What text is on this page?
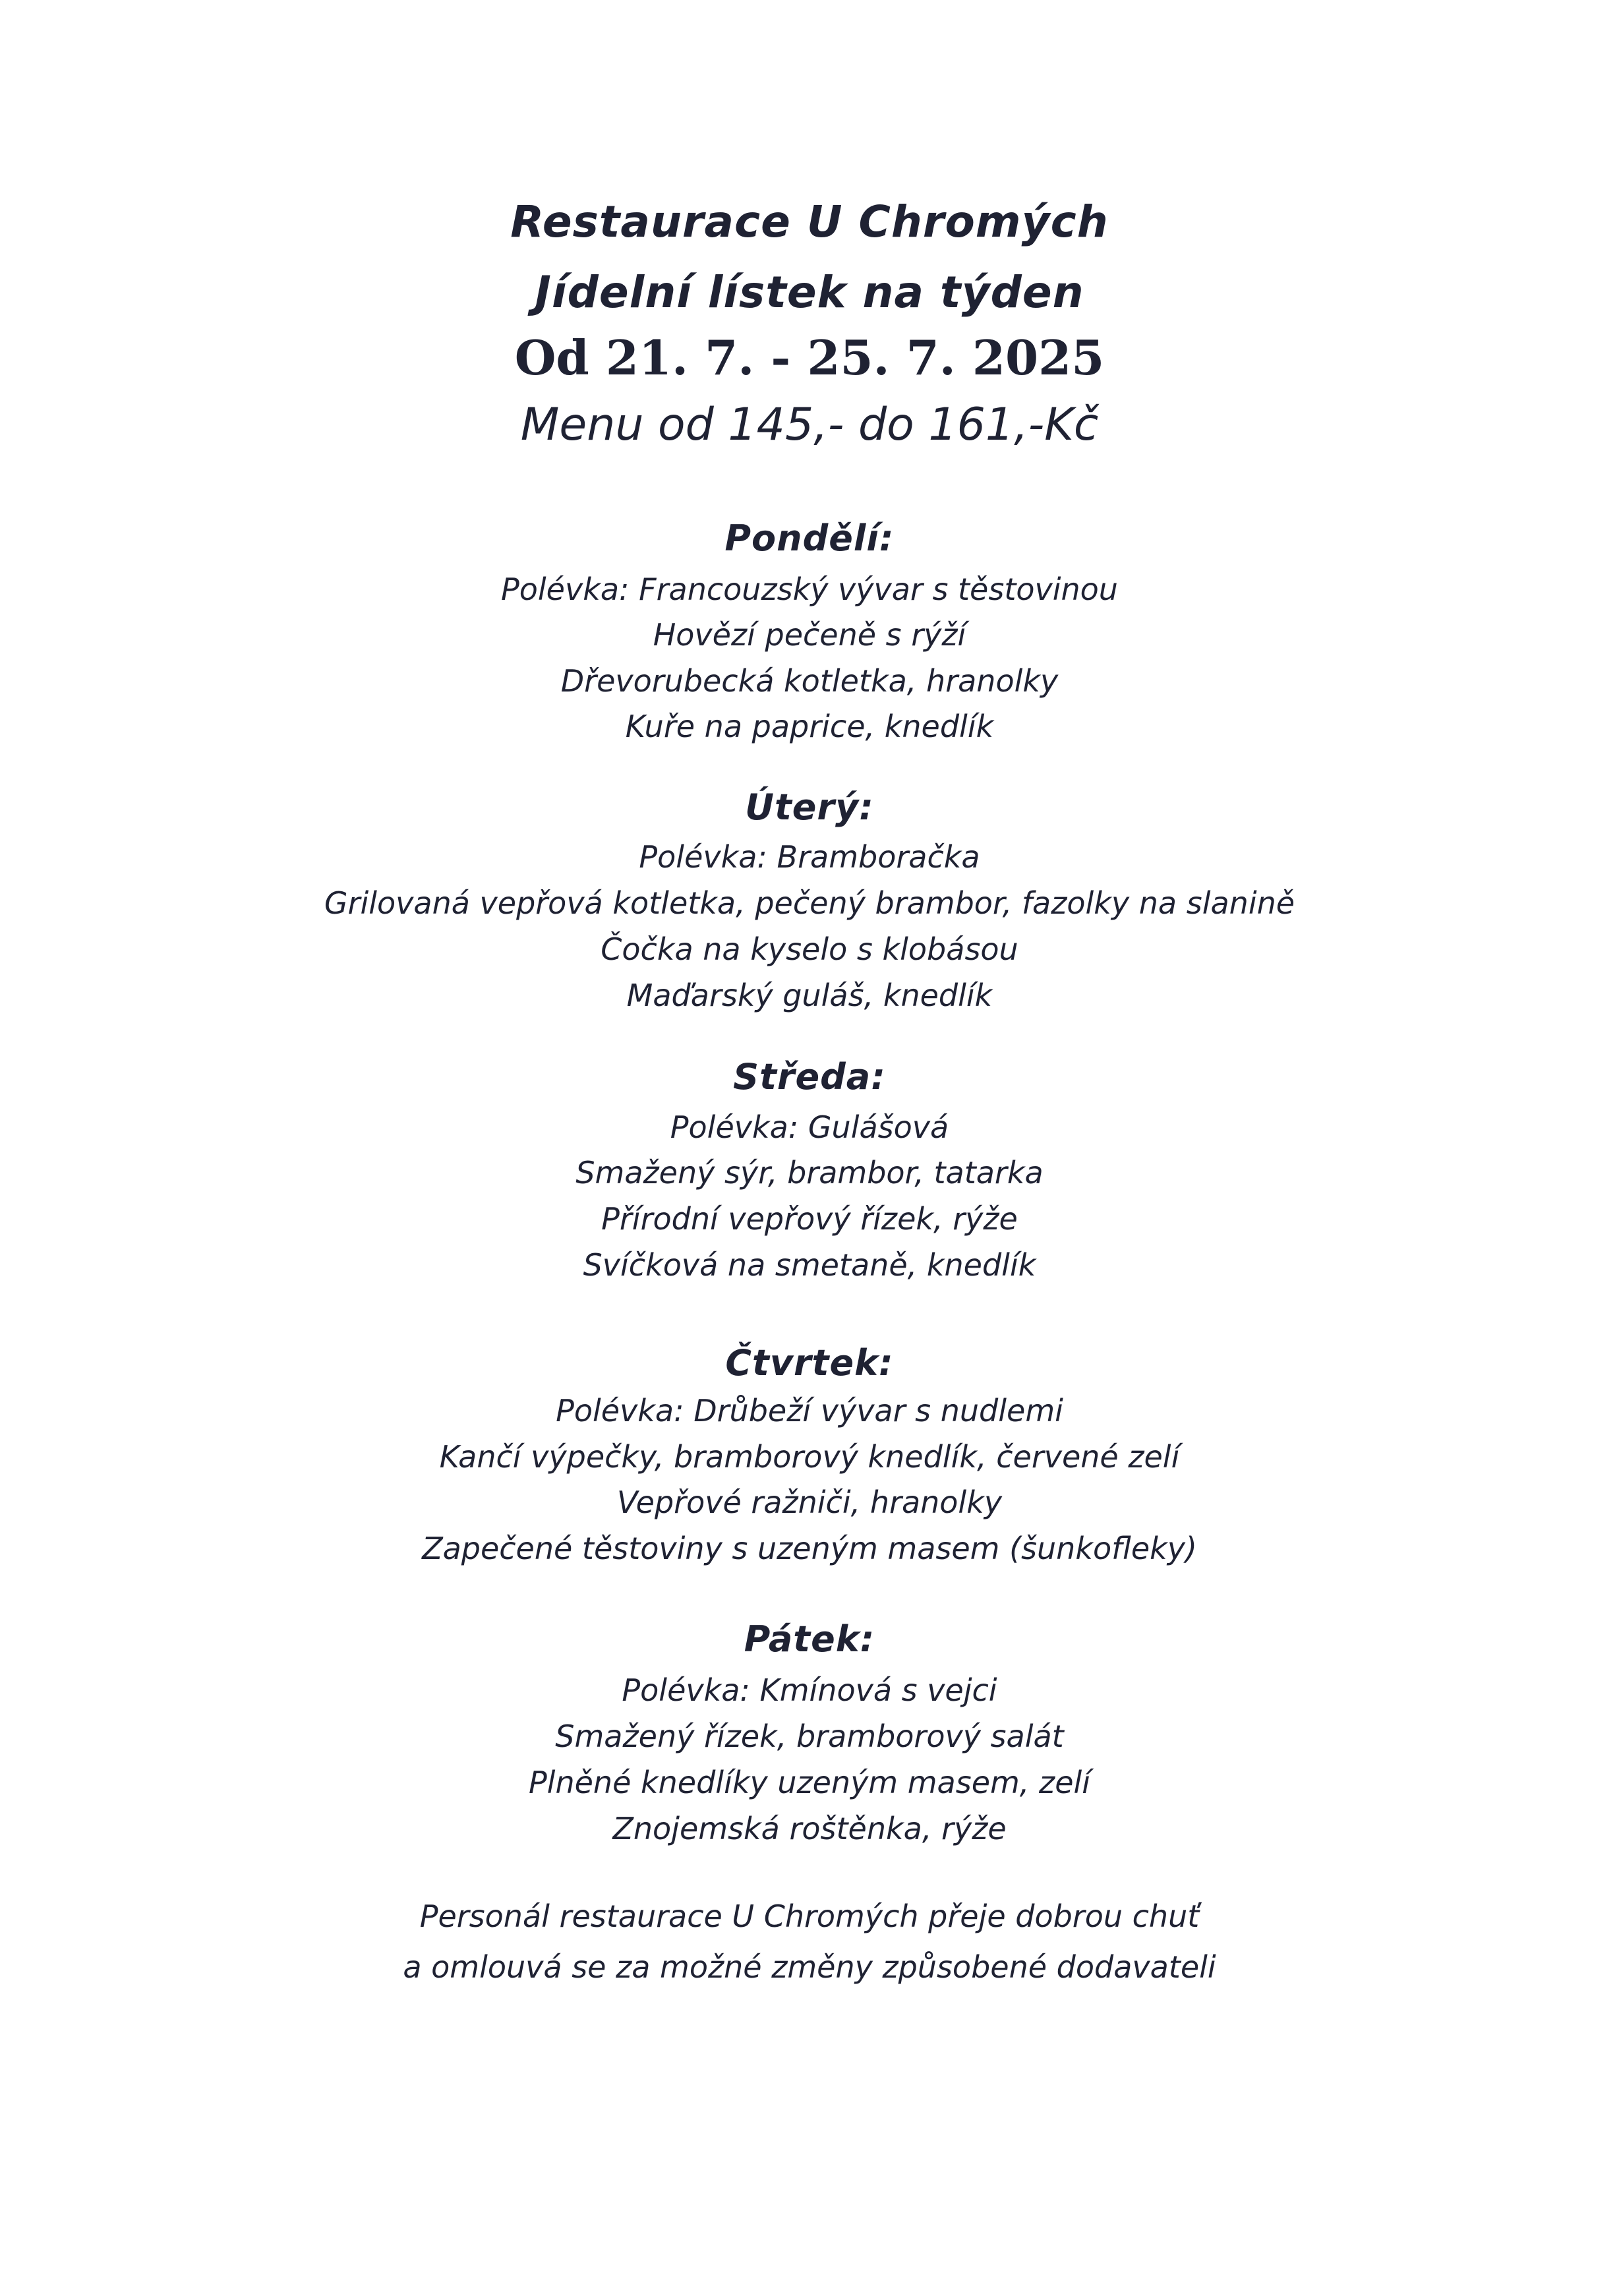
Restaurace U Chromých
Jídelní lístek na týden
Od 21. 7. - 25. 7. 2025
Menu od 145,- do 161,-Kč
Pondělí:
Polévka: Francouzský vývar s těstovinou
Hovězí pečeně s rýží
Dřevorubecká kotletka, hranolky
Kuře na paprice, knedlík
Úterý:
Polévka: Bramboračka
Grilovaná vepřová kotletka, pečený brambor, fazolky na slanině
Čočka na kyselo s klobásou
Maďarský guláš, knedlík
Středa:
Polévka: Gulášová
Smažený sýr, brambor, tatarka
Přírodní vepřový řízek, rýže
Svíčková na smetaně, knedlík
Čtvrtek:
Polévka: Drůbeží vývar s nudlemi
Kančí výpečky, bramborový knedlík, červené zelí
Vepřové ražniči, hranolky
Zapečené těstoviny s uzeným masem (šunkofleky)
Pátek:
Polévka: Kmínová s vejci
Smažený řízek, bramborový salát
Plněné knedlíky uzeným masem, zelí
Znojemská roštěnka, rýže
Personál restaurace U Chromých přeje dobrou chuť
a omlouvá se za možné změny způsobené dodavateli
